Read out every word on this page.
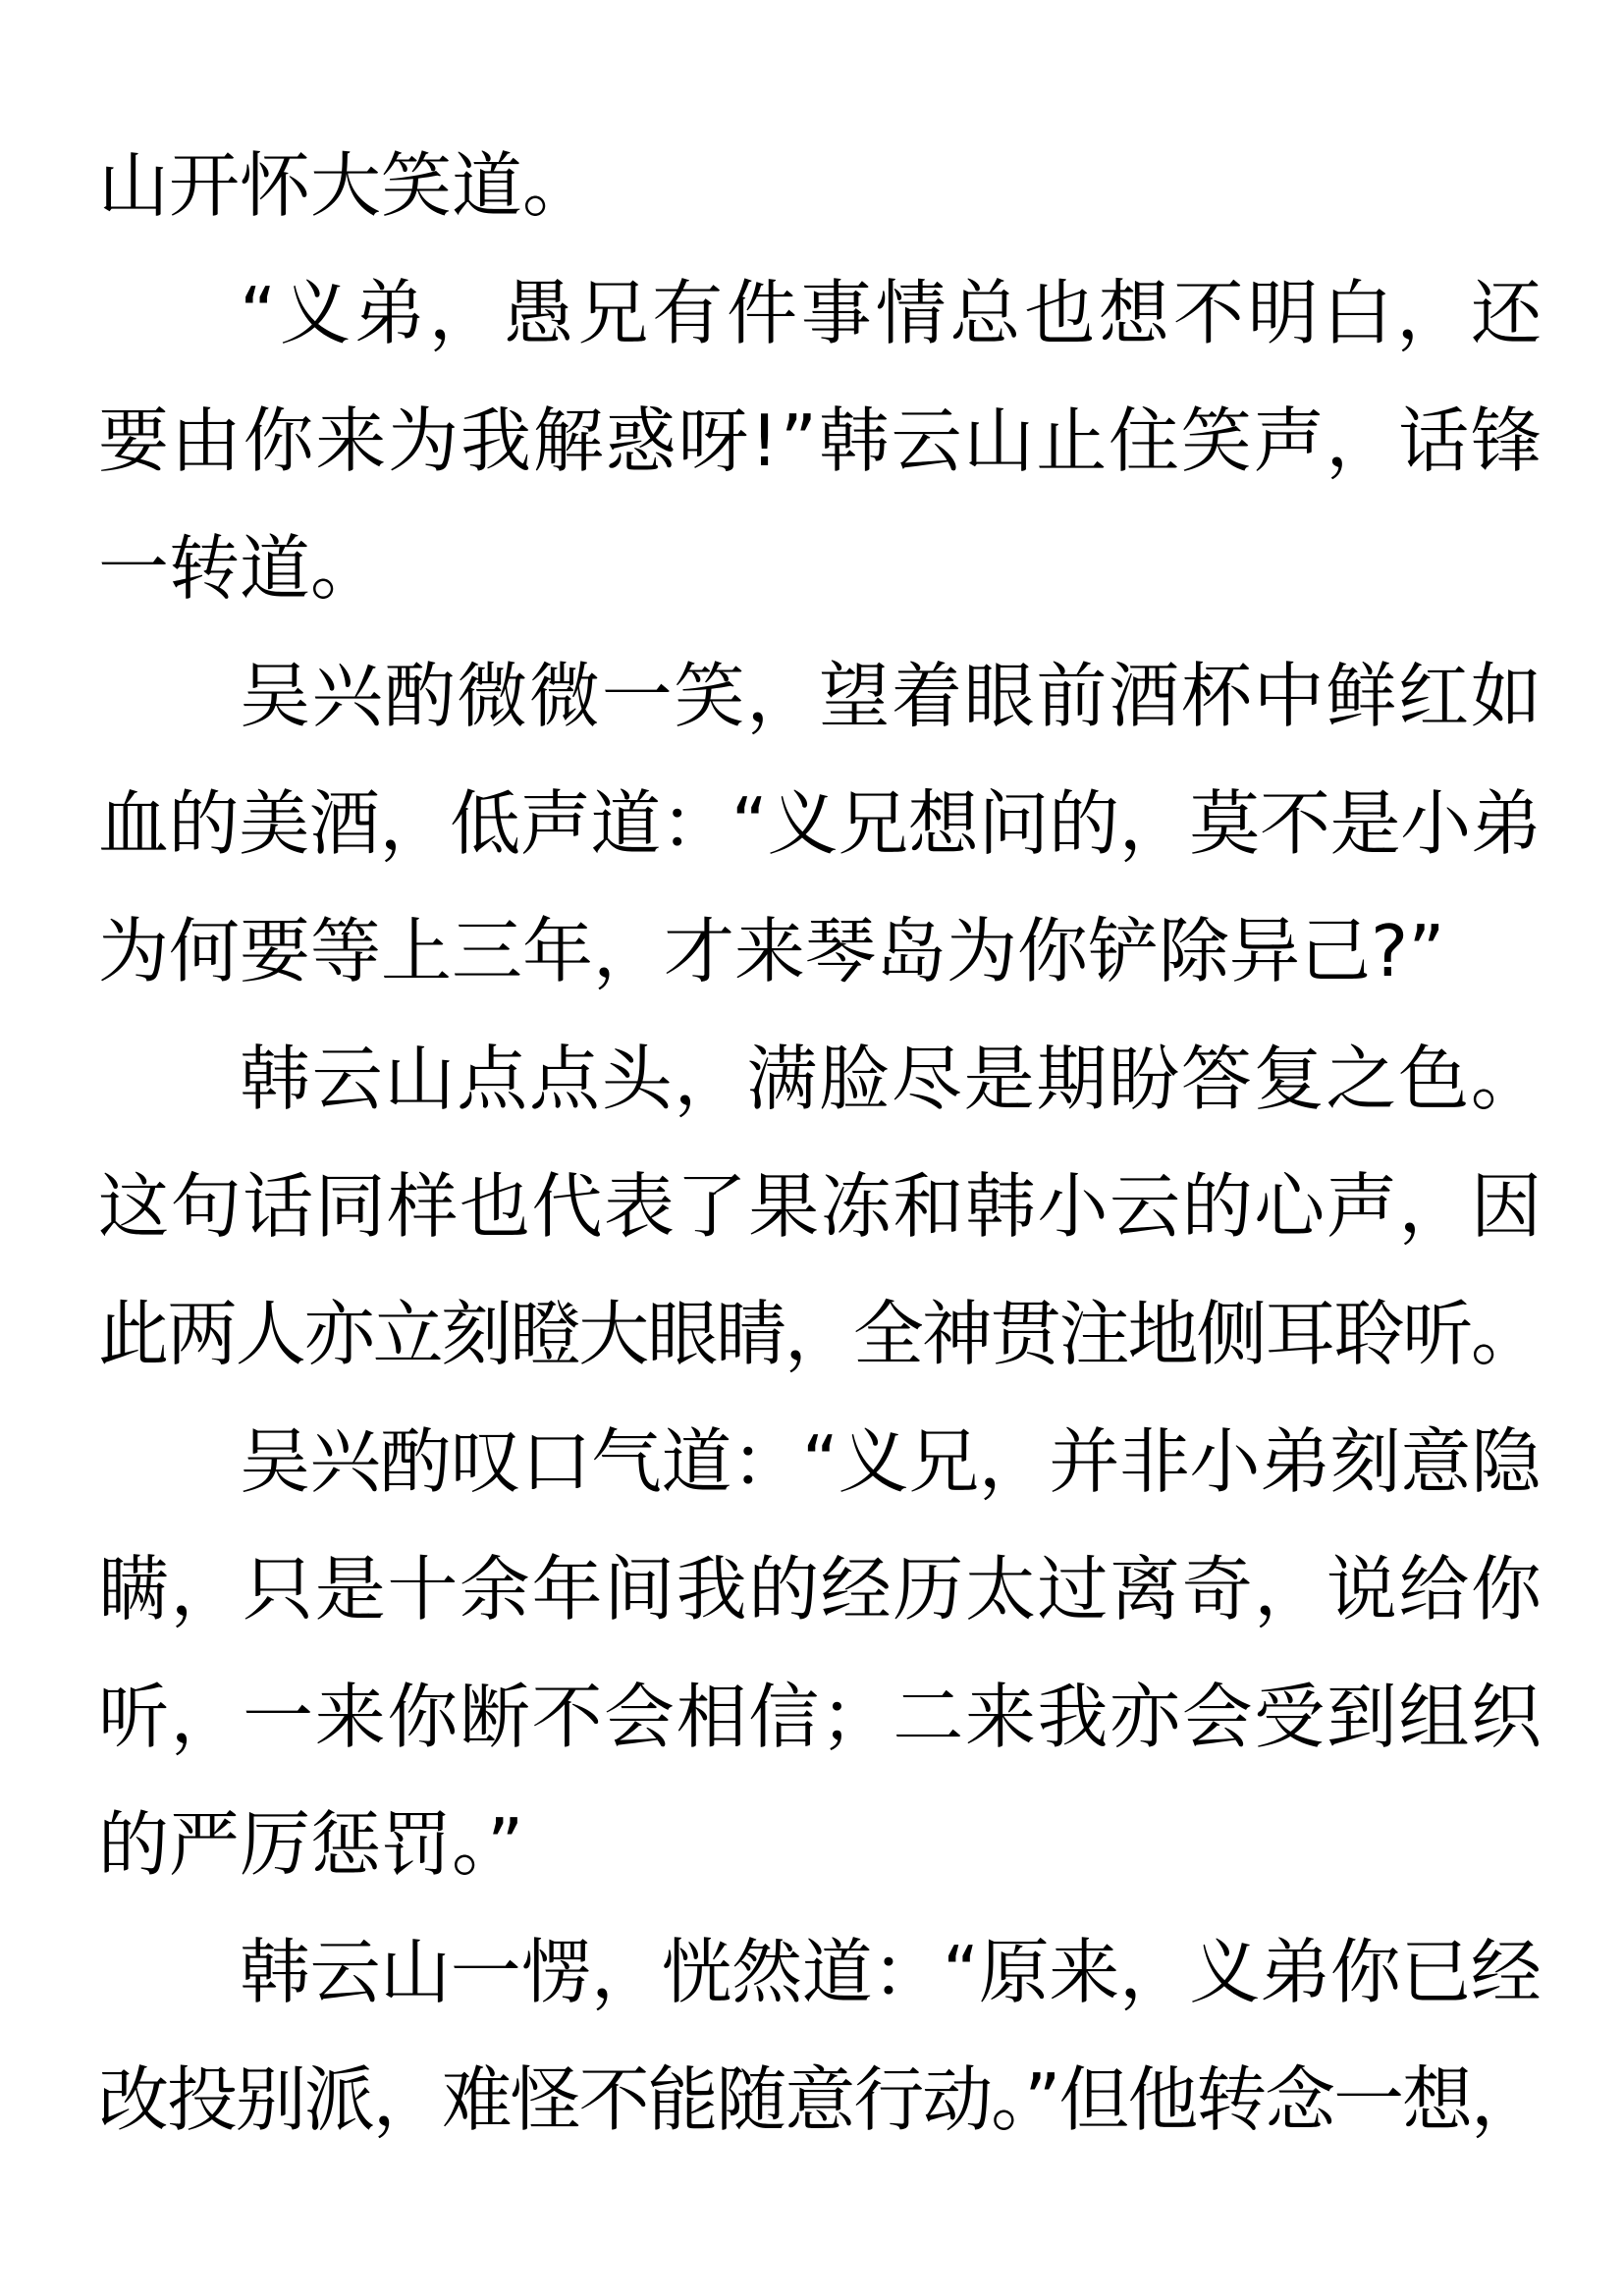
山开怀大笑道。
“义弟，愚兄有件事情总也想不明白，还
要由你来为我解惑呀!”韩云山止住笑声，话锋
一转道。
吴兴酌微微一笑，望着眼前酒杯中鲜红如
血的美酒，低声道：“义兄想问的，莫不是小弟
为何要等上三年，才来琴岛为你铲除异己?”
韩云山点点头，满脸尽是期盼答复之色。
这句话同样也代表了果冻和韩小云的心声，因
此两人亦立刻瞪大眼睛，全神贯注地侧耳聆听。
吴兴酌叹口气道：“义兄，并非小弟刻意隐
瞒，只是十余年间我的经历太过离奇，说给你
听，一来你断不会相信；二来我亦会受到组织
的严厉惩罚。”
韩云山一愣，恍然道：“原来，义弟你已经
改投别派，难怪不能随意行动。”但他转念一想，
